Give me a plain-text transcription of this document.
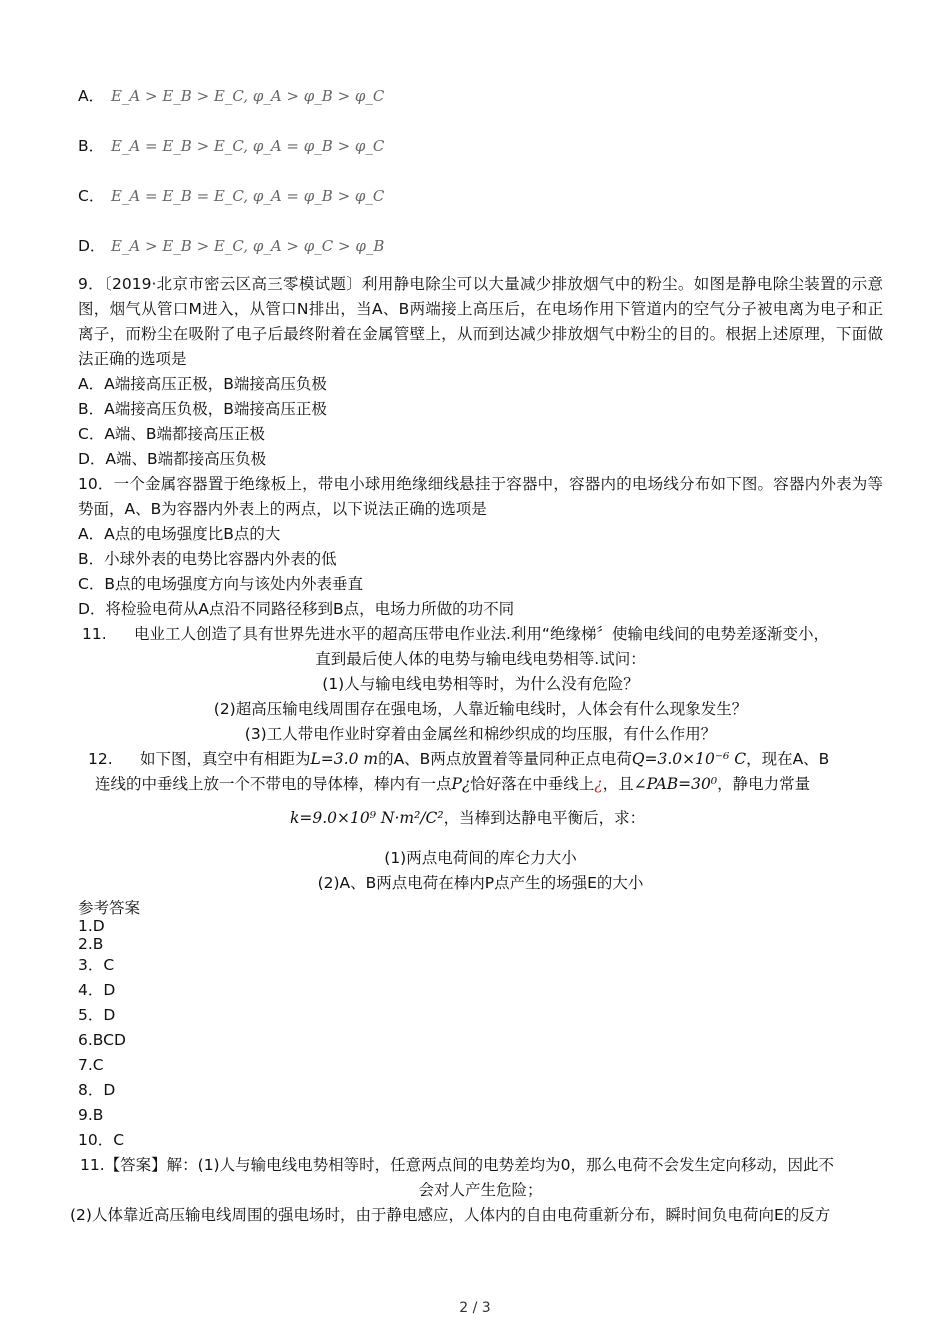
A． E_A > E_B > E_C, φ_A > φ_B > φ_C
B． E_A = E_B > E_C, φ_A = φ_B > φ_C
C． E_A = E_B = E_C, φ_A = φ_B > φ_C
D． E_A > E_B > E_C, φ_A > φ_C > φ_B
9．〔2019·北京市密云区高三零模试题〕利用静电除尘可以大量减少排放烟气中的粉尘。如图是静电除尘装置的示意图，烟气从管口M进入，从管口N排出，当A、B两端接上高压后，在电场作用下管道内的空气分子被电离为电子和正离子，而粉尘在吸附了电子后最终附着在金属管壁上，从而到达减少排放烟气中粉尘的目的。根据上述原理，下面做法正确的选项是
A．A端接高压正极，B端接高压负极
B．A端接高压负极，B端接高压正极
C．A端、B端都接高压正极
D．A端、B端都接高压负极
10．一个金属容器置于绝缘板上，带电小球用绝缘细线悬挂于容器中，容器内的电场线分布如下图。容器内外表为等势面，A、B为容器内外表上的两点，以下说法正确的选项是
A．A点的电场强度比B点的大
B．小球外表的电势比容器内外表的低
C．B点的电场强度方向与该处内外表垂直
D．将检验电荷从A点沿不同路径移到B点，电场力所做的功不同
11. 电业工人创造了具有世界先进水平的超高压带电作业法.利用“绝缘梯〞使输电线间的电势差逐渐变小，
直到最后使人体的电势与输电线电势相等.试问：
(1)人与输电线电势相等时，为什么没有危险？
(2)超高压输电线周围存在强电场，人靠近输电线时，人体会有什么现象发生？
(3)工人带电作业时穿着由金属丝和棉纱织成的均压服，有什么作用？
12. 如下图，真空中有相距为L=3.0 m的A、B两点放置着等量同种正点电荷Q=3.0×10⁻⁶ C，现在A、B
连线的中垂线上放一个不带电的导体棒，棒内有一点P¿恰好落在中垂线上¿，且∠PAB=30⁰，静电力常量
k=9.0×10⁹ N·m²/C²，当棒到达静电平衡后，求：
(1)两点电荷间的库仑力大小
(2)A、B两点电荷在棒内P点产生的场强E的大小
参考答案
1.D
2.B
3．C
4．D
5．D
6.BCD
7.C
8．D
9.B
10．C
11.【答案】解：(1)人与输电线电势相等时，任意两点间的电势差均为0，那么电荷不会发生定向移动，因此不
会对人产生危险；
(2)人体靠近高压输电线周围的强电场时，由于静电感应，人体内的自由电荷重新分布，瞬时间负电荷向E的反方
2 / 3
